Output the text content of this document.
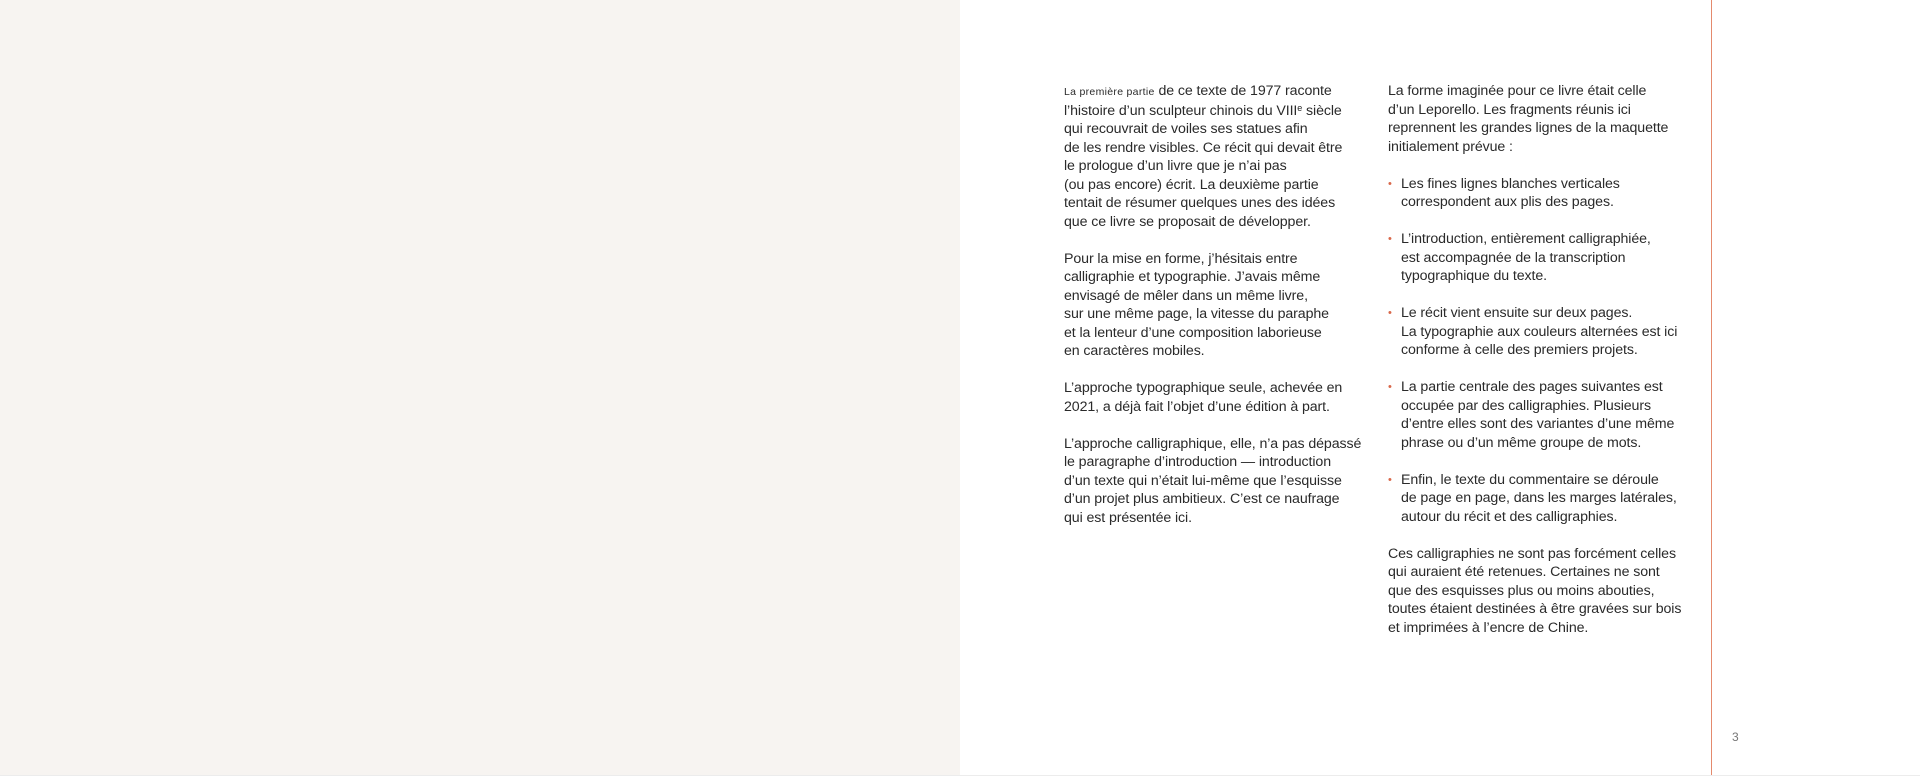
La première partie de ce texte de 1977 raconte
l’histoire d’un sculpteur chinois du VIIIe siècle
qui recouvrait de voiles ses statues afin
de les rendre visibles. Ce récit qui devait être
le prologue d’un livre que je n’ai pas
(ou pas encore) écrit. La deuxième partie
tentait de résumer quelques unes des idées
que ce livre se proposait de développer.
Pour la mise en forme, j’hésitais entre
calligraphie et typographie. J’avais même
envisagé de mêler dans un même livre,
sur une même page, la vitesse du paraphe
et la lenteur d’une composition laborieuse
en caractères mobiles.
L’approche typographique seule, achevée en
2021, a déjà fait l’objet d’une édition à part.
L’approche calligraphique, elle, n’a pas dépassé
le paragraphe d’introduction — introduction
d’un texte qui n’était lui-même que l’esquisse
d’un projet plus ambitieux. C’est ce naufrage
qui est présentée ici.
La forme imaginée pour ce livre était celle
d’un Leporello. Les fragments réunis ici
reprennent les grandes lignes de la maquette
initialement prévue :
• Les fines lignes blanches verticales
correspondent aux plis des pages.
• L’introduction, entièrement calligraphiée,
est accompagnée de la transcription
typographique du texte.
• Le récit vient ensuite sur deux pages.
La typographie aux couleurs alternées est ici
conforme à celle des premiers projets.
• La partie centrale des pages suivantes est
occupée par des calligraphies. Plusieurs
d’entre elles sont des variantes d’une même
phrase ou d’un même groupe de mots.
• Enfin, le texte du commentaire se déroule
de page en page, dans les marges latérales,
autour du récit et des calligraphies.
Ces calligraphies ne sont pas forcément celles
qui auraient été retenues. Certaines ne sont
que des esquisses plus ou moins abouties,
toutes étaient destinées à être gravées sur bois
et imprimées à l’encre de Chine.
3
